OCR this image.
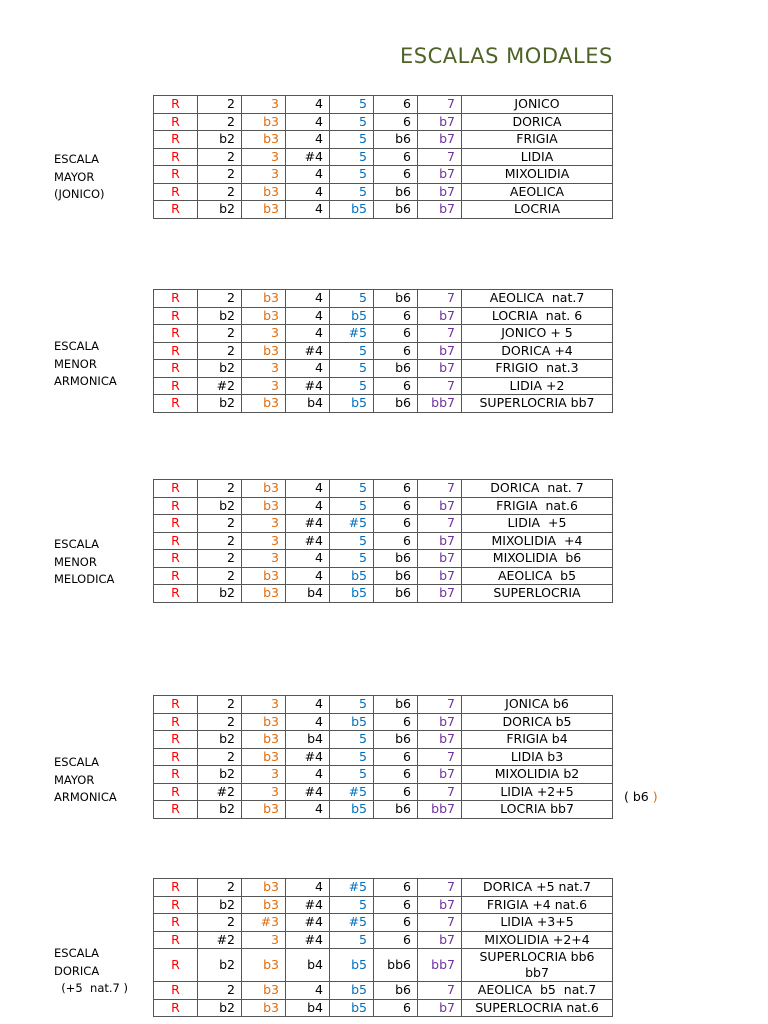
ESCALAS MODALES
ESCALA
MAYOR
(JONICO)
R	2	3	4	5	6	7	JONICO
R	2	b3	4	5	6	b7	DORICA
R	b2	b3	4	5	b6	b7	FRIGIA
R	2	3	#4	5	6	7	LIDIA
R	2	3	4	5	6	b7	MIXOLIDIA
R	2	b3	4	5	b6	b7	AEOLICA
R	b2	b3	4	b5	b6	b7	LOCRIA
ESCALA
MENOR
ARMONICA
R	2	b3	4	5	b6	7	AEOLICA  nat.7
R	b2	b3	4	b5	6	b7	LOCRIA  nat. 6
R	2	3	4	#5	6	7	JONICO + 5
R	2	b3	#4	5	6	b7	DORICA +4
R	b2	3	4	5	b6	b7	FRIGIO  nat.3
R	#2	3	#4	5	6	7	LIDIA +2
R	b2	b3	b4	b5	b6	bb7	SUPERLOCRIA bb7
ESCALA
MENOR
MELODICA
R	2	b3	4	5	6	7	DORICA  nat. 7
R	b2	b3	4	5	6	b7	FRIGIA  nat.6
R	2	3	#4	#5	6	7	LIDIA  +5
R	2	3	#4	5	6	b7	MIXOLIDIA  +4
R	2	3	4	5	b6	b7	MIXOLIDIA  b6
R	2	b3	4	b5	b6	b7	AEOLICA  b5
R	b2	b3	b4	b5	b6	b7	SUPERLOCRIA
ESCALA
MAYOR
ARMONICA
R	2	3	4	5	b6	7	JONICA b6
R	2	b3	4	b5	6	b7	DORICA b5
R	b2	b3	b4	5	b6	b7	FRIGIA b4
R	2	b3	#4	5	6	7	LIDIA b3
R	b2	3	4	5	6	b7	MIXOLIDIA b2
R	#2	3	#4	#5	6	7	LIDIA +2+5
R	b2	b3	4	b5	b6	bb7	LOCRIA bb7
ESCALA
DORICA
(+5  nat.7 )
R	2	b3	4	#5	6	7	DORICA +5 nat.7
R	b2	b3	#4	5	6	b7	FRIGIA +4 nat.6
R	2	#3	#4	#5	6	7	LIDIA +3+5
R	#2	3	#4	5	6	b7	MIXOLIDIA +2+4
R	b2	b3	b4	b5	bb6	bb7	SUPERLOCRIA bb6
bb7
R	2	b3	4	b5	b6	7	AEOLICA  b5  nat.7
R	b2	b3	b4	b5	6	b7	SUPERLOCRIA nat.6
( b6 )
